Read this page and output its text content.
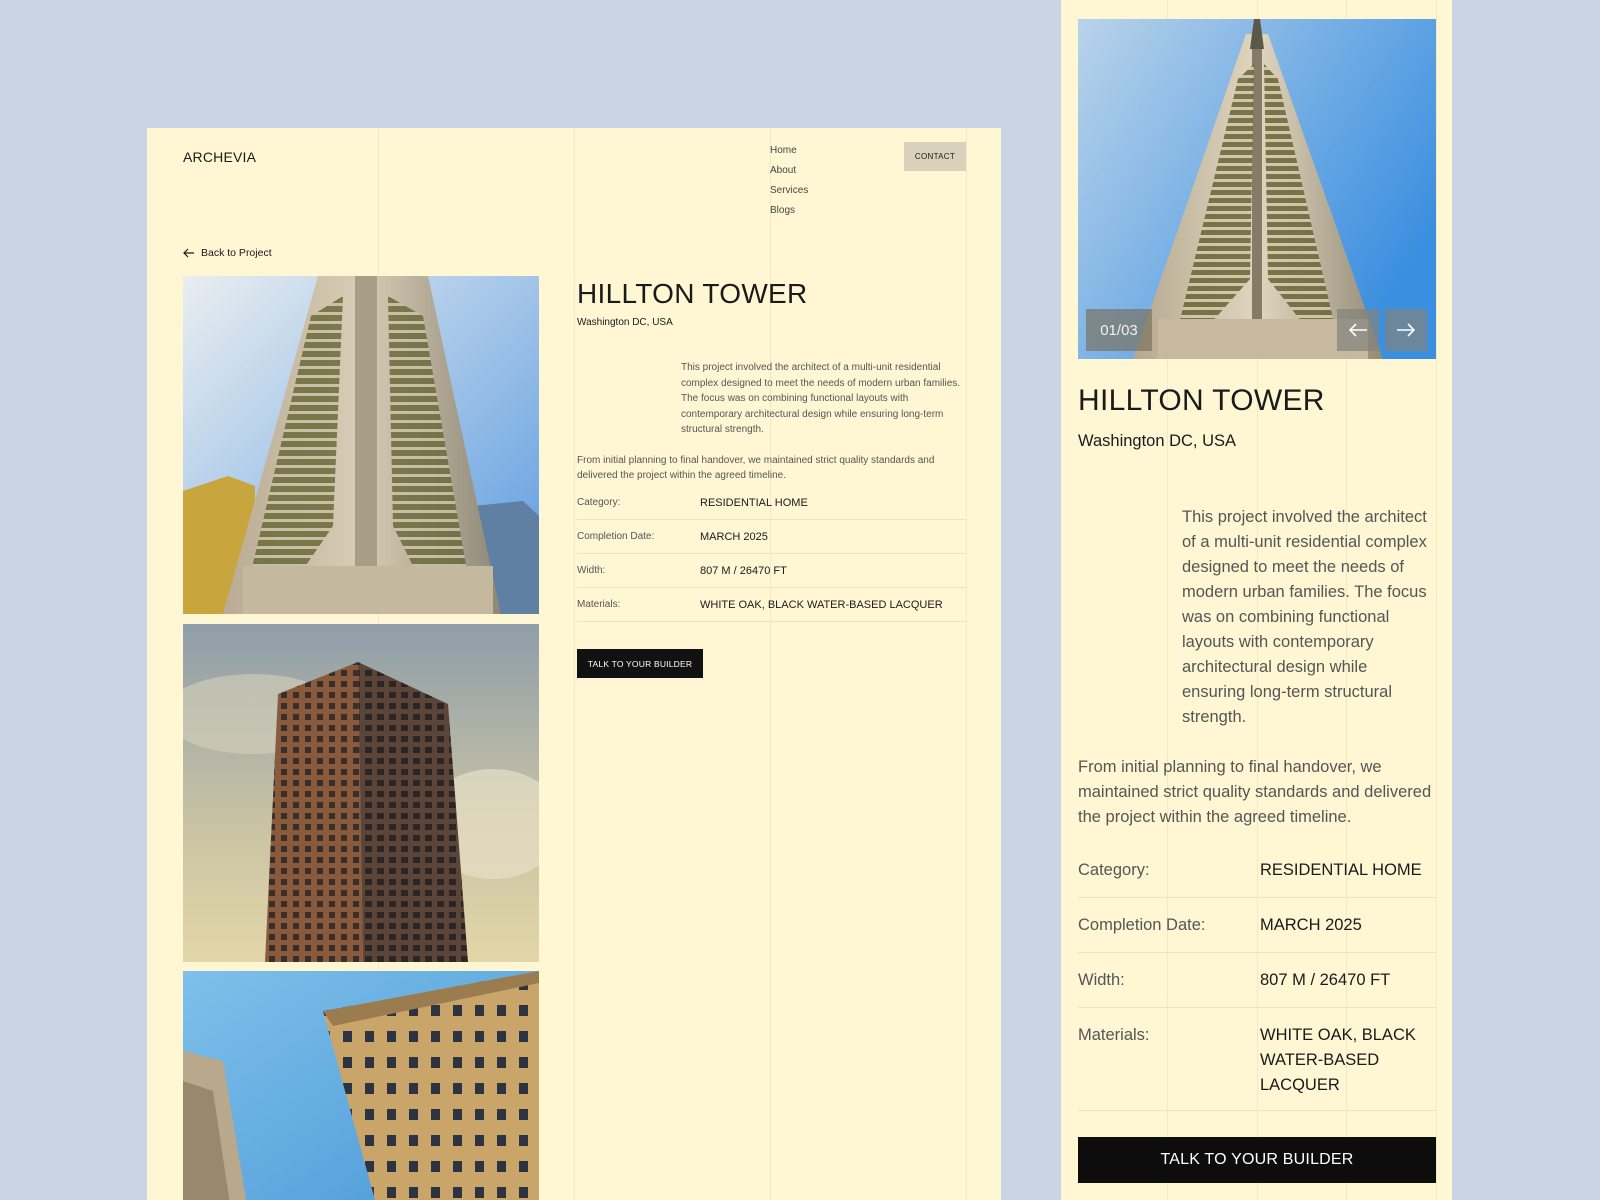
ARCHEVIA	Home
About
Services
Blogs
CONTACT
Back to Project
HILLTON TOWER
Washington DC, USA

This project involved the architect of a multi-unit residential complex designed to meet the needs of modern urban families. The focus was on combining functional layouts with contemporary architectural design while ensuring long-term structural strength.

From initial planning to final handover, we maintained strict quality standards and delivered the project within the agreed timeline.

Category:	RESIDENTIAL HOME
Completion Date:	MARCH 2025
Width:	807 M / 26470 FT
Materials:	WHITE OAK, BLACK WATER-BASED LACQUER
TALK TO YOUR BUILDER
01/03
HILLTON TOWER
Washington DC, USA

This project involved the architect of a multi-unit residential complex designed to meet the needs of modern urban families. The focus was on combining functional layouts with contemporary architectural design while ensuring long-term structural strength.

From initial planning to final handover, we maintained strict quality standards and delivered the project within the agreed timeline.

Category:	RESIDENTIAL HOME
Completion Date:	MARCH 2025
Width:	807 M / 26470 FT
Materials:	WHITE OAK, BLACK WATER-BASED LACQUER
TALK TO YOUR BUILDER
